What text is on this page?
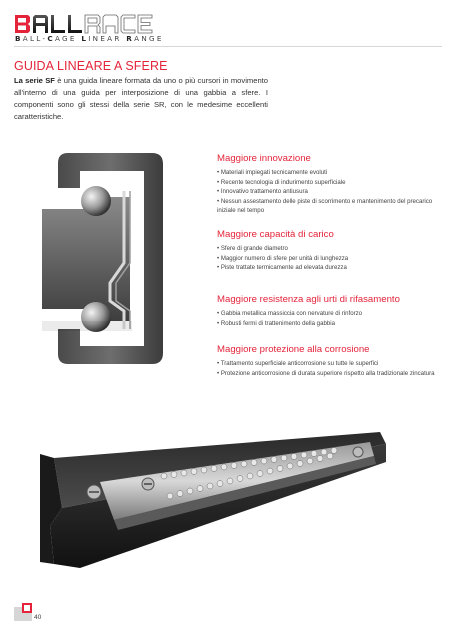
BALL-CAGE LINEAR RANGE
GUIDA LINEARE A SFERE

La serie SF è una guida lineare formata da uno o più cursori in movimento all'interno di una guida per interposizione di una gabbia a sfere. I componenti sono gli stessi della serie SR, con le medesime eccellenti caratteristiche.

Maggiore innovazione
• Materiali impiegati tecnicamente evoluti
• Recente tecnologia di indurimento superficiale
• Innovativo trattamento antiusura
• Nessun assestamento delle piste di scorrimento e mantenimento del precarico iniziale nel tempo
Maggiore capacità di carico
• Sfere di grande diametro
• Maggior numero di sfere per unità di lunghezza
• Piste trattate termicamente ad elevata durezza
Maggiore resistenza agli urti di rifasamento
• Gabbia metallica massiccia con nervature di rinforzo
• Robusti fermi di trattenimento della gabbia
Maggiore protezione alla corrosione
• Trattamento superficiale anticorrosione su tutte le superfici
• Protezione anticorrosione di durata superiore rispetto alla tradizionale zincatura
40
